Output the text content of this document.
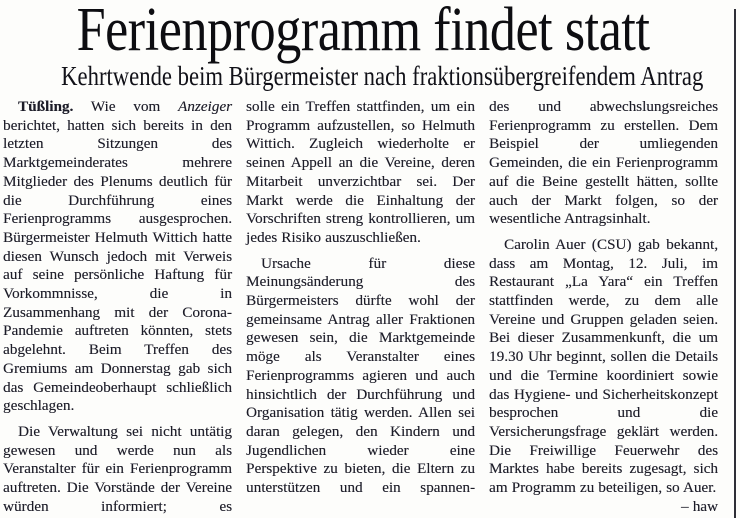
Ferienprogramm findet statt
Kehrtwende beim Bürgermeister nach fraktionsübergreifendem Antrag

Tüßling. Wie vom Anzeiger berichtet, hatten sich bereits in den letzten Sitzungen des Marktgemeinderates mehrere Mitglieder des Plenums deutlich für die Durchführung eines Ferienprogramms ausgesprochen. Bürgermeister Helmuth Wittich hatte diesen Wunsch jedoch mit Verweis auf seine persönliche Haftung für Vorkommnisse, die in Zusammenhang mit der Corona-Pandemie auftreten könnten, stets abgelehnt. Beim Treffen des Gremiums am Donnerstag gab sich das Gemeindeoberhaupt schließlich geschlagen.

Die Verwaltung sei nicht untätig gewesen und werde nun als Veranstalter für ein Ferienprogramm auftreten. Die Vorstände der Vereine würden informiert; es

solle ein Treffen stattfinden, um ein Programm aufzustellen, so Helmuth Wittich. Zugleich wiederholte er seinen Appell an die Vereine, deren Mitarbeit unverzichtbar sei. Der Markt werde die Einhaltung der Vorschriften streng kontrollieren, um jedes Risiko auszuschließen.

Ursache für diese Meinungsänderung des Bürgermeisters dürfte wohl der gemeinsame Antrag aller Fraktionen gewesen sein, die Marktgemeinde möge als Veranstalter eines Ferienprogramms agieren und auch hinsichtlich der Durchführung und Organisation tätig werden. Allen sei daran gelegen, den Kindern und Jugendlichen wieder eine Perspektive zu bieten, die Eltern zu unterstützen und ein spannen-

des und abwechslungsreiches Ferienprogramm zu erstellen. Dem Beispiel der umliegenden Gemeinden, die ein Ferienprogramm auf die Beine gestellt hätten, sollte auch der Markt folgen, so der wesentliche Antragsinhalt.

Carolin Auer (CSU) gab bekannt, dass am Montag, 12. Juli, im Restaurant „La Yara“ ein Treffen stattfinden werde, zu dem alle Vereine und Gruppen geladen seien. Bei dieser Zusammenkunft, die um 19.30 Uhr beginnt, sollen die Details und die Termine koordiniert sowie das Hygiene- und Sicherheitskonzept besprochen und die Versicherungsfrage geklärt werden. Die Freiwillige Feuerwehr des Marktes habe bereits zugesagt, sich am Programm zu beteiligen, so Auer.
– haw
